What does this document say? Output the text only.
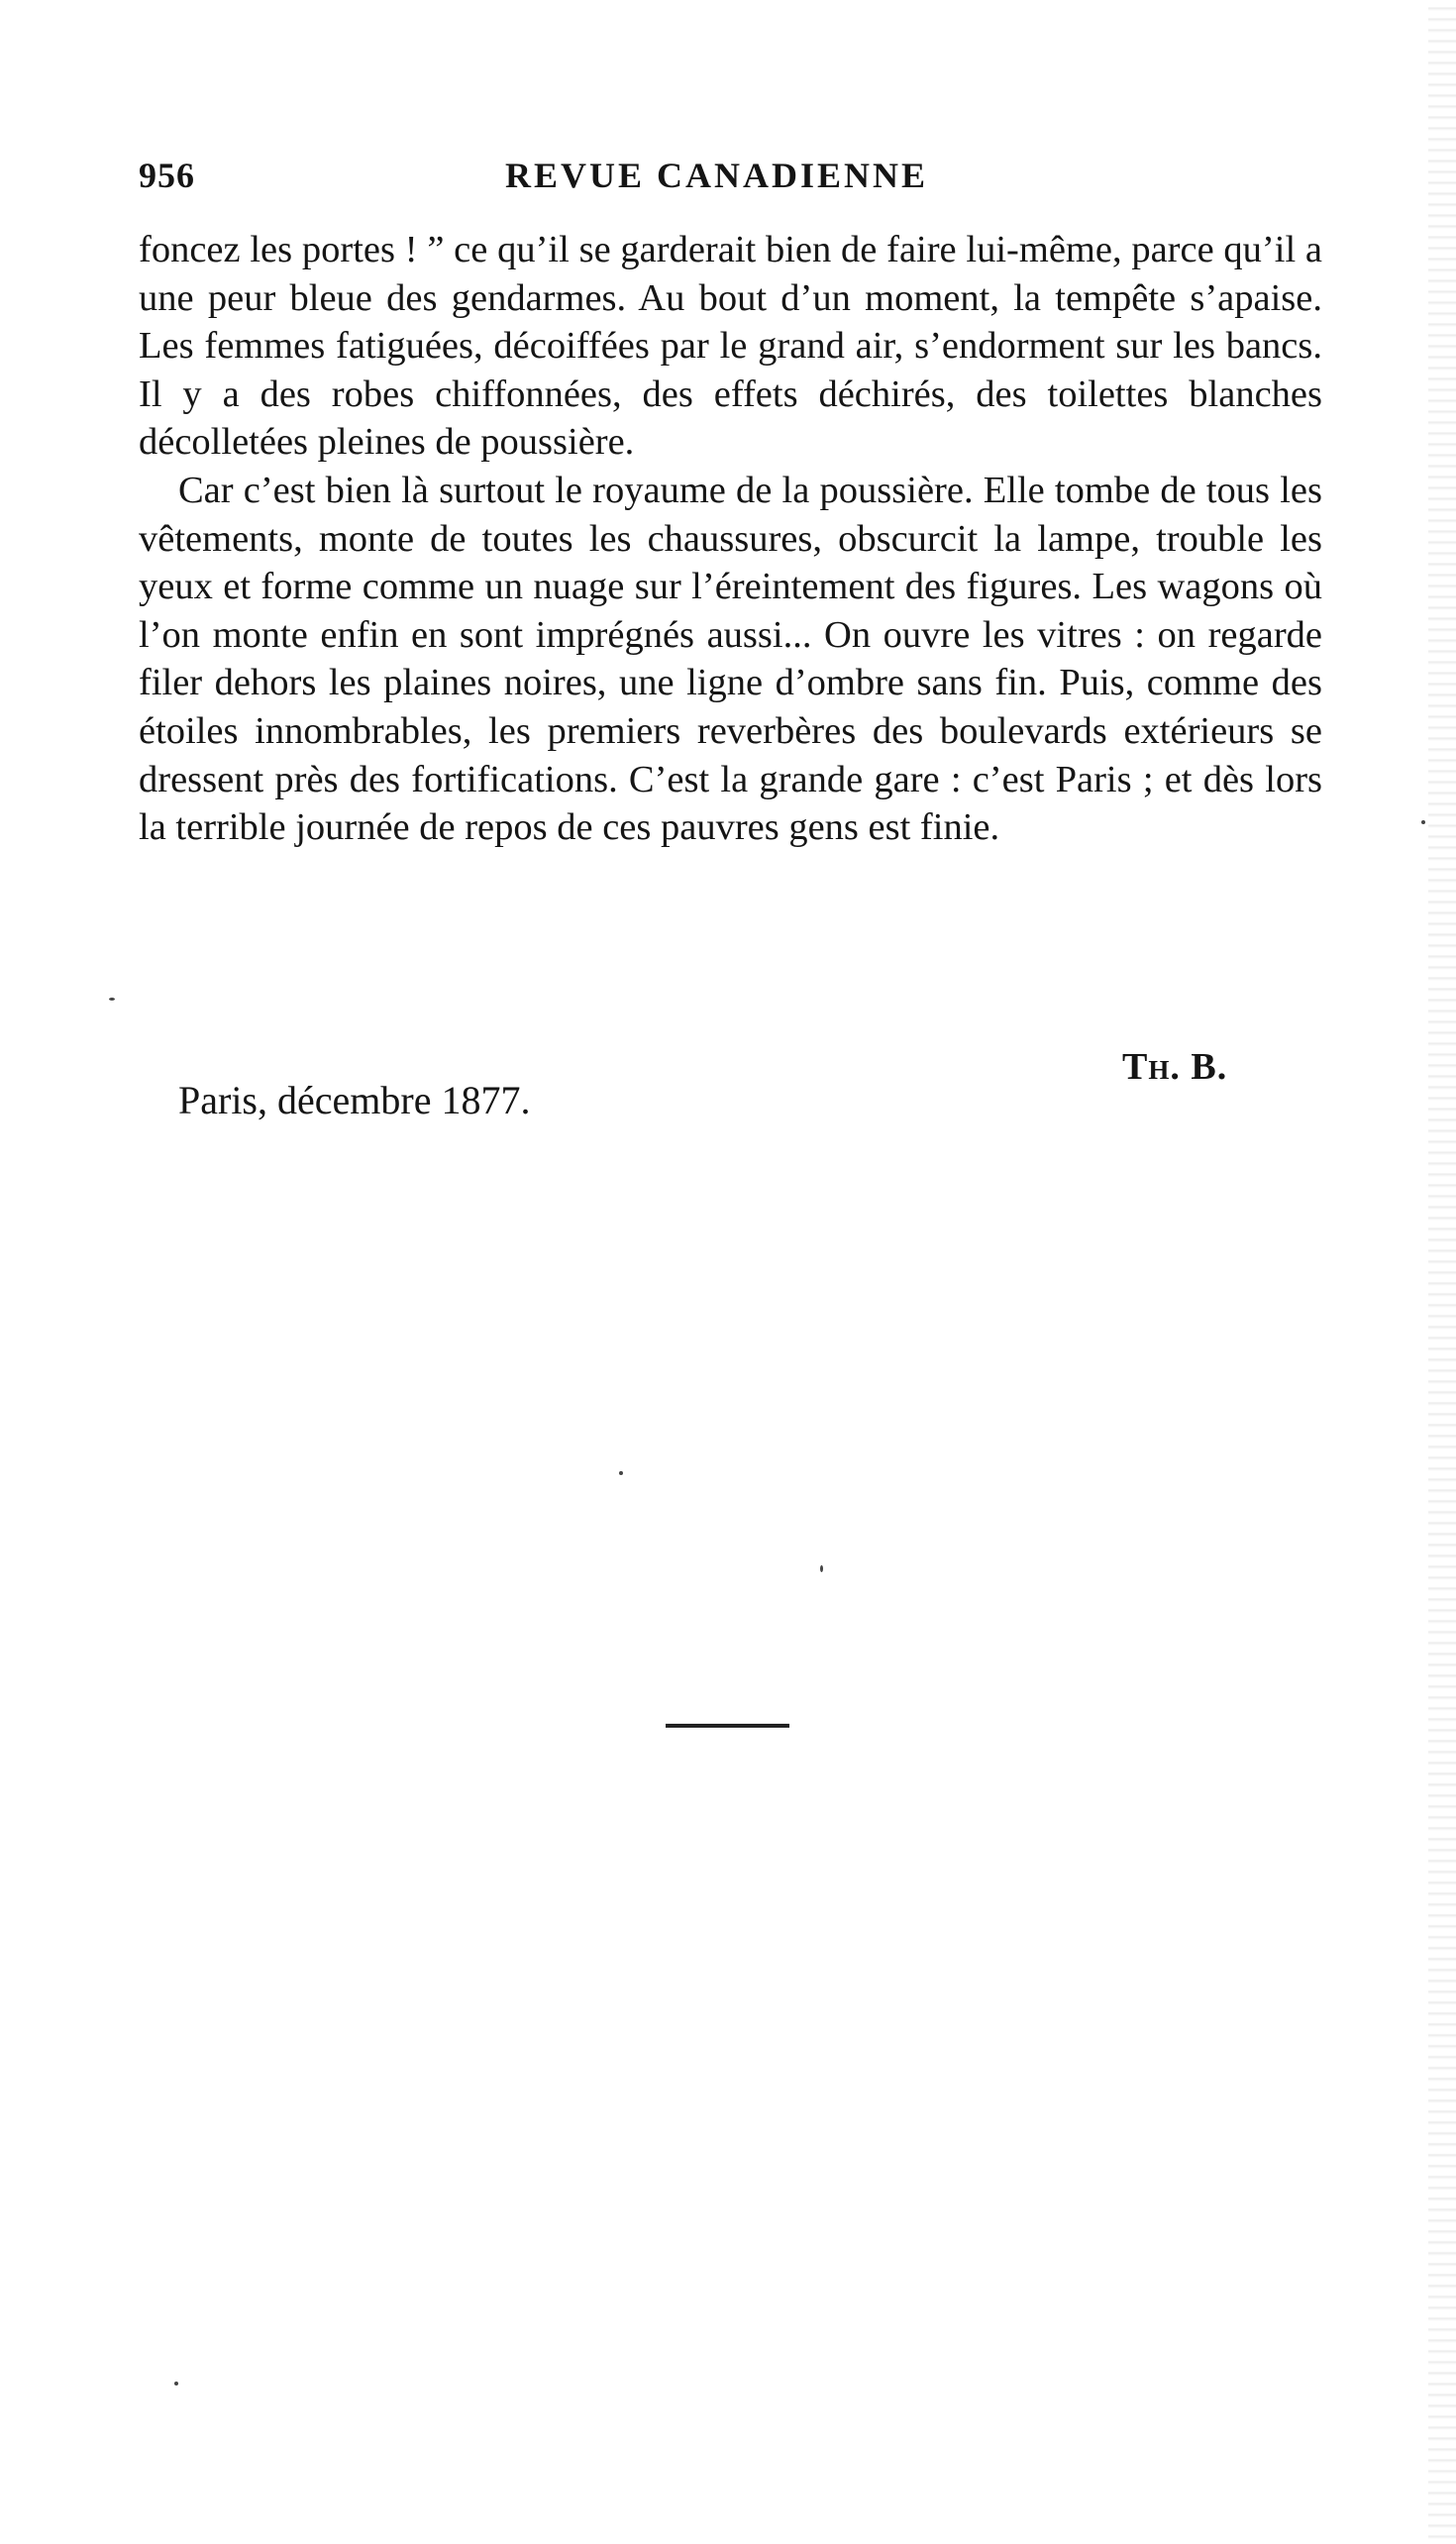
956	REVUE CANADIENNE

foncez les portes ! ” ce qu’il se garderait bien de faire lui-même, parce qu’il a une peur bleue des gendarmes. Au bout d’un moment, la tempête s’apaise. Les femmes fatiguées, décoiffées par le grand air, s’endorment sur les bancs. Il y a des robes chiffonnées, des effets déchirés, des toilettes blanches décolletées pleines de poussière.

Car c’est bien là surtout le royaume de la poussière. Elle tombe de tous les vêtements, monte de toutes les chaussures, obscurcit la lampe, trouble les yeux et forme comme un nuage sur l’éreintement des figures. Les wagons où l’on monte enfin en sont imprégnés aussi... On ouvre les vitres : on regarde filer dehors les plaines noires, une ligne d’ombre sans fin. Puis, comme des étoiles innombrables, les premiers reverbères des boulevards extérieurs se dressent près des fortifications. C’est la grande gare : c’est Paris ; et dès lors la terrible journée de repos de ces pauvres gens est finie.

Th. B.
Paris, décembre 1877.
